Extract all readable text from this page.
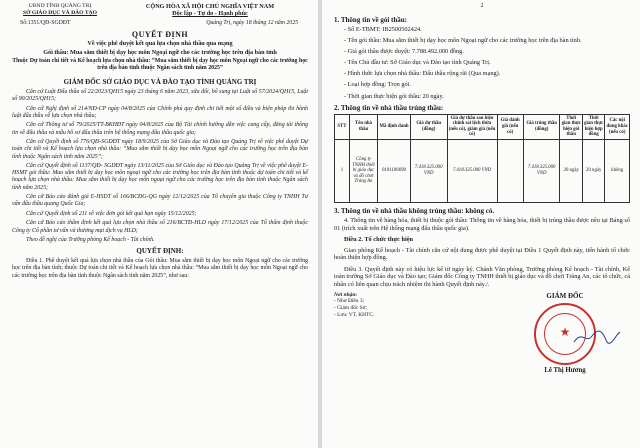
UBND TỈNH QUẢNG TRỊ
SỞ GIÁO DỤC VÀ ĐÀO TẠO
CỘNG HÒA XÃ HỘI CHỦ NGHĨA VIỆT NAM
Độc lập - Tự do - Hạnh phúc
Số:1351/QĐ-SGDĐT	Quảng Trị, ngày 18 tháng 12 năm 2025
QUYẾT ĐỊNH
Về việc phê duyệt kết quả lựa chọn nhà thầu qua mạng
Gói thầu: Mua sắm thiết bị dạy học môn Ngoại ngữ cho các trường học trên địa bàn tỉnh
Thuộc Dự toán chi tiết và Kế hoạch lựa chọn nhà thầu: “Mua sắm thiết bị dạy học môn Ngoại ngữ cho các trường học trên địa bàn tỉnh thuộc Ngân sách tỉnh năm 2025”
GIÁM ĐỐC SỞ GIÁO DỤC VÀ ĐÀO TẠO TỈNH QUẢNG TRỊ

Căn cứ Luật Đấu thầu số 22/2023/QH15 ngày 23 tháng 6 năm 2023, sửa đổi, bổ sung tại Luật số 57/2024/QH15, Luật số 90/2025/QH15;

Căn cứ Nghị định số 214/NĐ-CP ngày 04/8/2025 của Chính phủ quy định chi tiết một số điều và biện pháp thi hành luật đấu thầu về lựa chọn nhà thầu;

Căn cứ Thông tư số 79/2025/TT-BKHĐT ngày 04/8/2025 của Bộ Tài chính hướng dẫn việc cung cấp, đăng tải thông tin về đấu thầu và mẫu hồ sơ đấu thầu trên hệ thống mạng đấu thầu quốc gia;

Căn cứ Quyết định số 776/QĐ-SGDĐT ngày 18/9/2025 của Sở Giáo dục và Đào tạo Quảng Trị về việc phê duyệt Dự toán chi tiết và Kế hoạch lựa chọn nhà thầu: “Mua sắm thiết bị dạy học môn Ngoại ngữ cho các trường học trên địa bàn tỉnh thuộc Ngân sách tỉnh năm 2025”;

Căn cứ Quyết định số 1137/QĐ- SGDĐT ngày 13/11/2025 của Sở Giáo dục và Đào tạo Quảng Trị về việc phê duyệt E-HSMT gói thầu: Mua sắm thiết bị dạy học môn ngoại ngữ cho các trường học trên địa bàn tỉnh thuộc dự toán chi tiết và kế hoạch lựa chọn nhà thầu: Mua sắm thiết bị dạy học môn ngoại ngữ cho các trường học trên địa bàn tỉnh thuộc Ngân sách tỉnh năm 2025;

Căn cứ Báo cáo đánh giá E-HSDT số 166/BCĐG-QG ngày 12/12/2025 của Tổ chuyên gia thuộc Công ty TNHH Tư vấn đấu thầu quang Quốc Gia;

Căn cứ Quyết định số 211 về việc đơn gói kết quả hạn ngày 15/12/2025;

Căn cứ Báo cáo thẩm định kết quả lựa chọn nhà thầu số 216/BCTĐ-HLD ngày 17/12/2025 của Tổ thẩm định thuộc Công ty Cổ phần tư vấn và thương mại dịch vụ HLD;

Theo đề nghị của Trưởng phòng Kế hoạch - Tài chính.

QUYẾT ĐỊNH:

Điều 1. Phê duyệt kết quả lựa chọn nhà thầu của Gói thầu: Mua sắm thiết bị dạy học môn Ngoại ngữ cho các trường học trên địa bàn tỉnh; thuộc Dự toán chi tiết và Kế hoạch lựa chọn nhà thầu: “Mua sắm thiết bị dạy học môn Ngoại ngữ cho các trường học trên địa bàn tỉnh thuộc Ngân sách tỉnh năm 2025”, như sau:

2
1. Thông tin về gói thầu:
- Số E-TBMT: IB2500502424.
- Tên gói thầu: Mua sắm thiết bị dạy học môn Ngoại ngữ cho các trường học trên địa bàn tỉnh.
- Giá gói thầu được duyệt: 7.788.492.000 đồng.
- Tên Chủ đầu tư: Sở Giáo dục và Đào tạo tỉnh Quảng Trị.
- Hình thức lựa chọn nhà thầu: Đấu thầu rộng rãi (Qua mạng).
- Loại hợp đồng: Trọn gói.
- Thời gian thực hiện gói thầu: 20 ngày.
2. Thông tin về nhà thầu trúng thầu:
STT	Tên nhà thầu	Mã định danh	Giá dự thầu (đồng)	Giá dự thầu sau hiệu chỉnh sai lệch thừa (nếu có), giảm giá (nếu có)	Giá đánh giá (nếu có)	Giá trúng thầu (đồng)	Thời gian thực hiện gói thầu	Thời gian thực hiện hợp đồng	Các nội dung khác (nếu có)
1	Công ty TNHH thiết bị giáo dục và đồ chơi Tràng An	0101186698	7.418.325.000 VND	7.418.325.000 VND		7.418.325.000 VND	20 ngày	20 ngày	không
3. Thông tin về nhà thầu không trúng thầu: không có.

4. Thông tin về hàng hóa, thiết bị thuộc gói thầu: Thông tin về hàng hóa, thiết bị trúng thầu được nêu tại Bảng số 01 (trích xuất trên Hệ thống mạng đấu thầu quốc gia).

Điều 2. Tổ chức thực hiện

Giao phòng Kế hoạch - Tài chính căn cứ nội dung được phê duyệt tại Điều 1 Quyết định này, tiến hành tổ chức hoàn thiện hợp đồng.

Điều 3. Quyết định này có hiệu lực kể từ ngày ký. Chánh Văn phòng, Trưởng phòng Kế hoạch - Tài chính, Kế toán trường Sở Giáo dục và Đào tạo; Giám đốc Công ty TNHH thiết bị giáo dục và đồ chơi Tràng An, các tổ chức, cá nhân có liên quan chịu trách nhiệm thi hành Quyết định này./.

Nơi nhận:
- Như Điều 3;
- Giám đốc Sở;
- Lưu: VT, KHTC.
GIÁM ĐỐC
★
Lê Thị Hương
